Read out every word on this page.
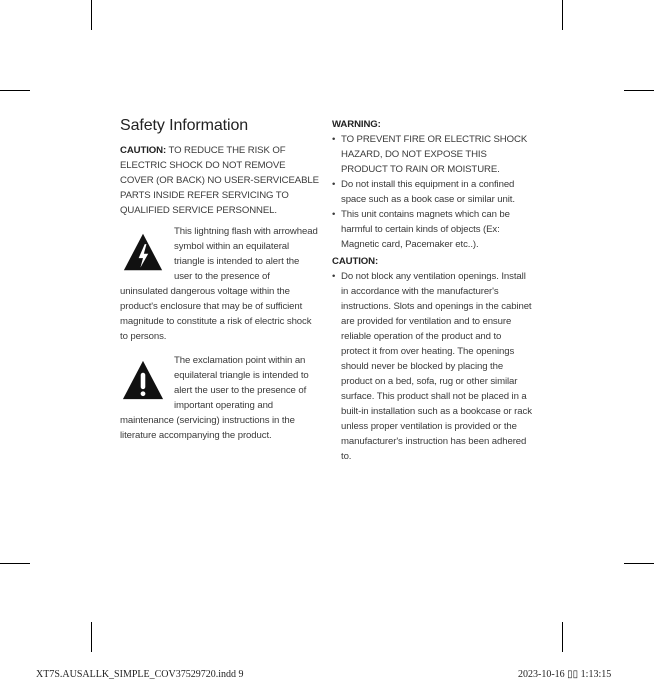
Safety Information

CAUTION: TO REDUCE THE RISK OF ELECTRIC SHOCK DO NOT REMOVE COVER (OR BACK) NO USER-SERVICEABLE PARTS INSIDE REFER SERVICING TO QUALIFIED SERVICE PERSONNEL.

This lightning flash with arrowhead symbol within an equilateral triangle is intended to alert the user to the presence of uninsulated dangerous voltage within the product's enclosure that may be of sufficient magnitude to constitute a risk of electric shock to persons.

The exclamation point within an equilateral triangle is intended to alert the user to the presence of important operating and maintenance (servicing) instructions in the literature accompanying the product.

WARNING:
• TO PREVENT FIRE OR ELECTRIC SHOCK HAZARD, DO NOT EXPOSE THIS PRODUCT TO RAIN OR MOISTURE.
• Do not install this equipment in a confined space such as a book case or similar unit.
• This unit contains magnets which can be harmful to certain kinds of objects (Ex: Magnetic card, Pacemaker etc..).
CAUTION:
• Do not block any ventilation openings. Install in accordance with the manufacturer's instructions. Slots and openings in the cabinet are provided for ventilation and to ensure reliable operation of the product and to protect it from over heating. The openings should never be blocked by placing the product on a bed, sofa, rug or other similar surface. This product shall not be placed in a built-in installation such as a bookcase or rack unless proper ventilation is provided or the manufacturer's instruction has been adhered to.
XT7S.AUSALLK_SIMPLE_COV37529720.indd 9	2023-10-16 ▯▯ 1:13:15
